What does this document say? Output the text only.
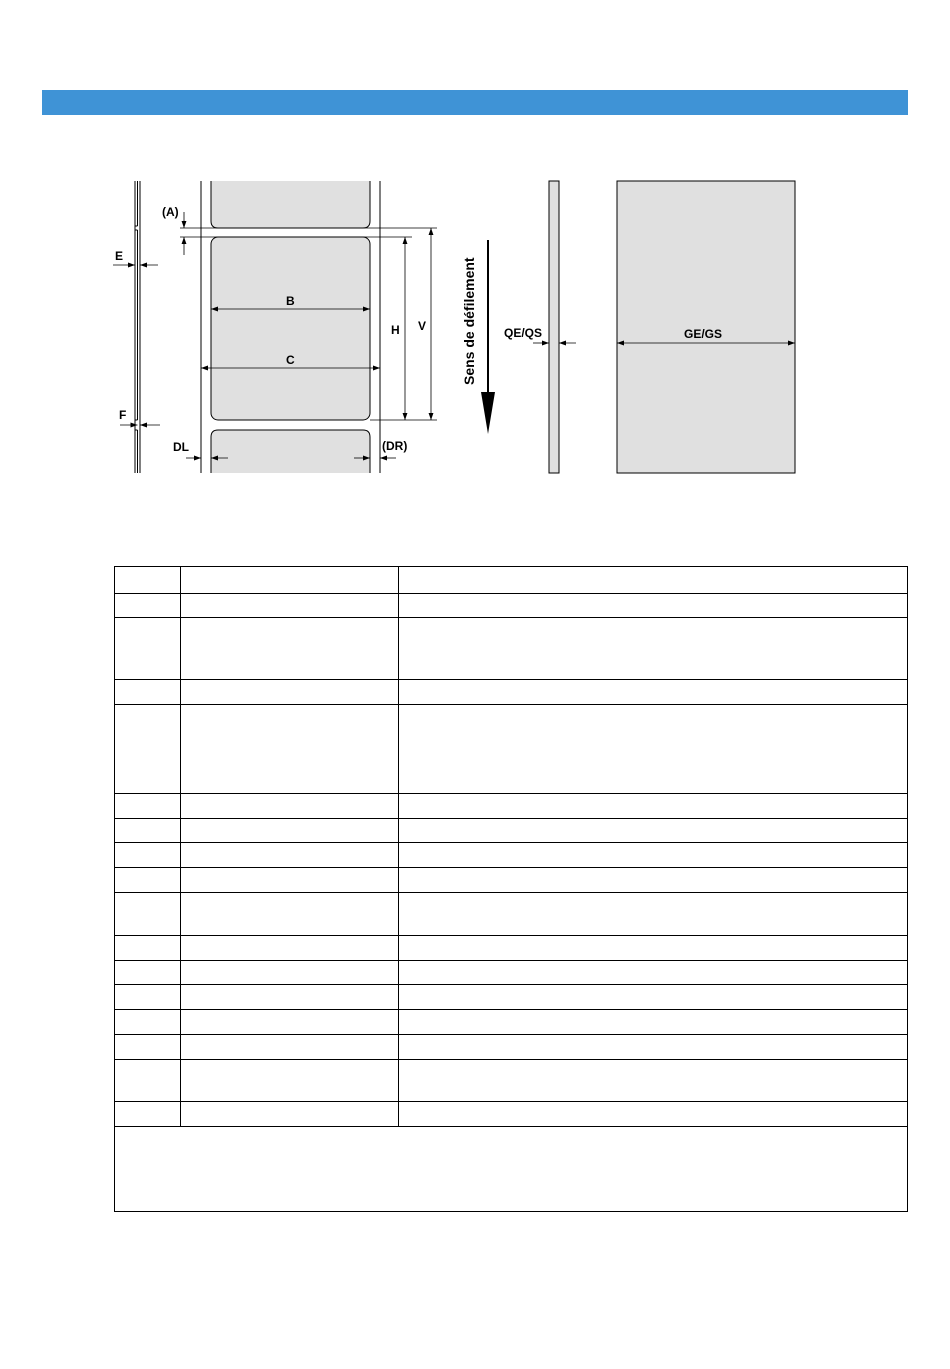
E
F
(A)
B
C
H V
DL	(DR)
Sens de défilement QE/QS	GE/GS
